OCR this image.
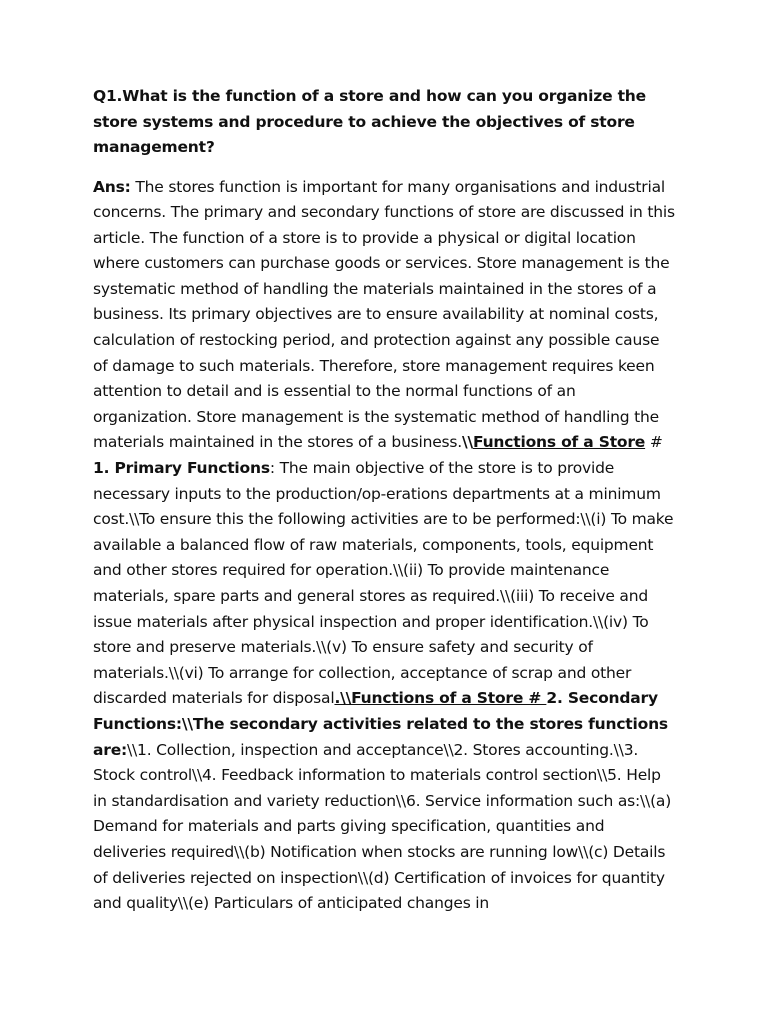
Q1.What is the function of a store and how can you organize the store systems and procedure to achieve the objectives of store management?

Ans: The stores function is important for many organisations and industrial concerns. The primary and secondary functions of store are discussed in this article. The function of a store is to provide a physical or digital location where customers can purchase goods or services. Store management is the systematic method of handling the materials maintained in the stores of a business. Its primary objectives are to ensure availability at nominal costs, calculation of restocking period, and protection against any possible cause of damage to such materials. Therefore, store management requires keen attention to detail and is essential to the normal functions of an organization. Store management is the systematic method of handling the materials maintained in the stores of a business.\\Functions of a Store # 1. Primary Functions: The main objective of the store is to provide necessary inputs to the production/op-erations departments at a minimum cost.\\To ensure this the following activities are to be performed:\\(i) To make available a balanced flow of raw materials, components, tools, equipment and other stores required for operation.\\(ii) To provide maintenance materials, spare parts and general stores as required.\\(iii) To receive and issue materials after physical inspection and proper identification.\\(iv) To store and preserve materials.\\(v) To ensure safety and security of materials.\\(vi) To arrange for collection, acceptance of scrap and other discarded materials for disposal.\\Functions of a Store # 2. Secondary Functions:\\The secondary activities related to the stores functions are:\\1. Collection, inspection and acceptance\\2. Stores accounting.\\3. Stock control\\4. Feedback information to materials control section\\5. Help in standardisation and variety reduction\\6. Service information such as:\\(a) Demand for materials and parts giving specification, quantities and deliveries required\\(b) Notification when stocks are running low\\(c) Details of deliveries rejected on inspection\\(d) Certification of invoices for quantity and quality\\(e) Particulars of anticipated changes in
